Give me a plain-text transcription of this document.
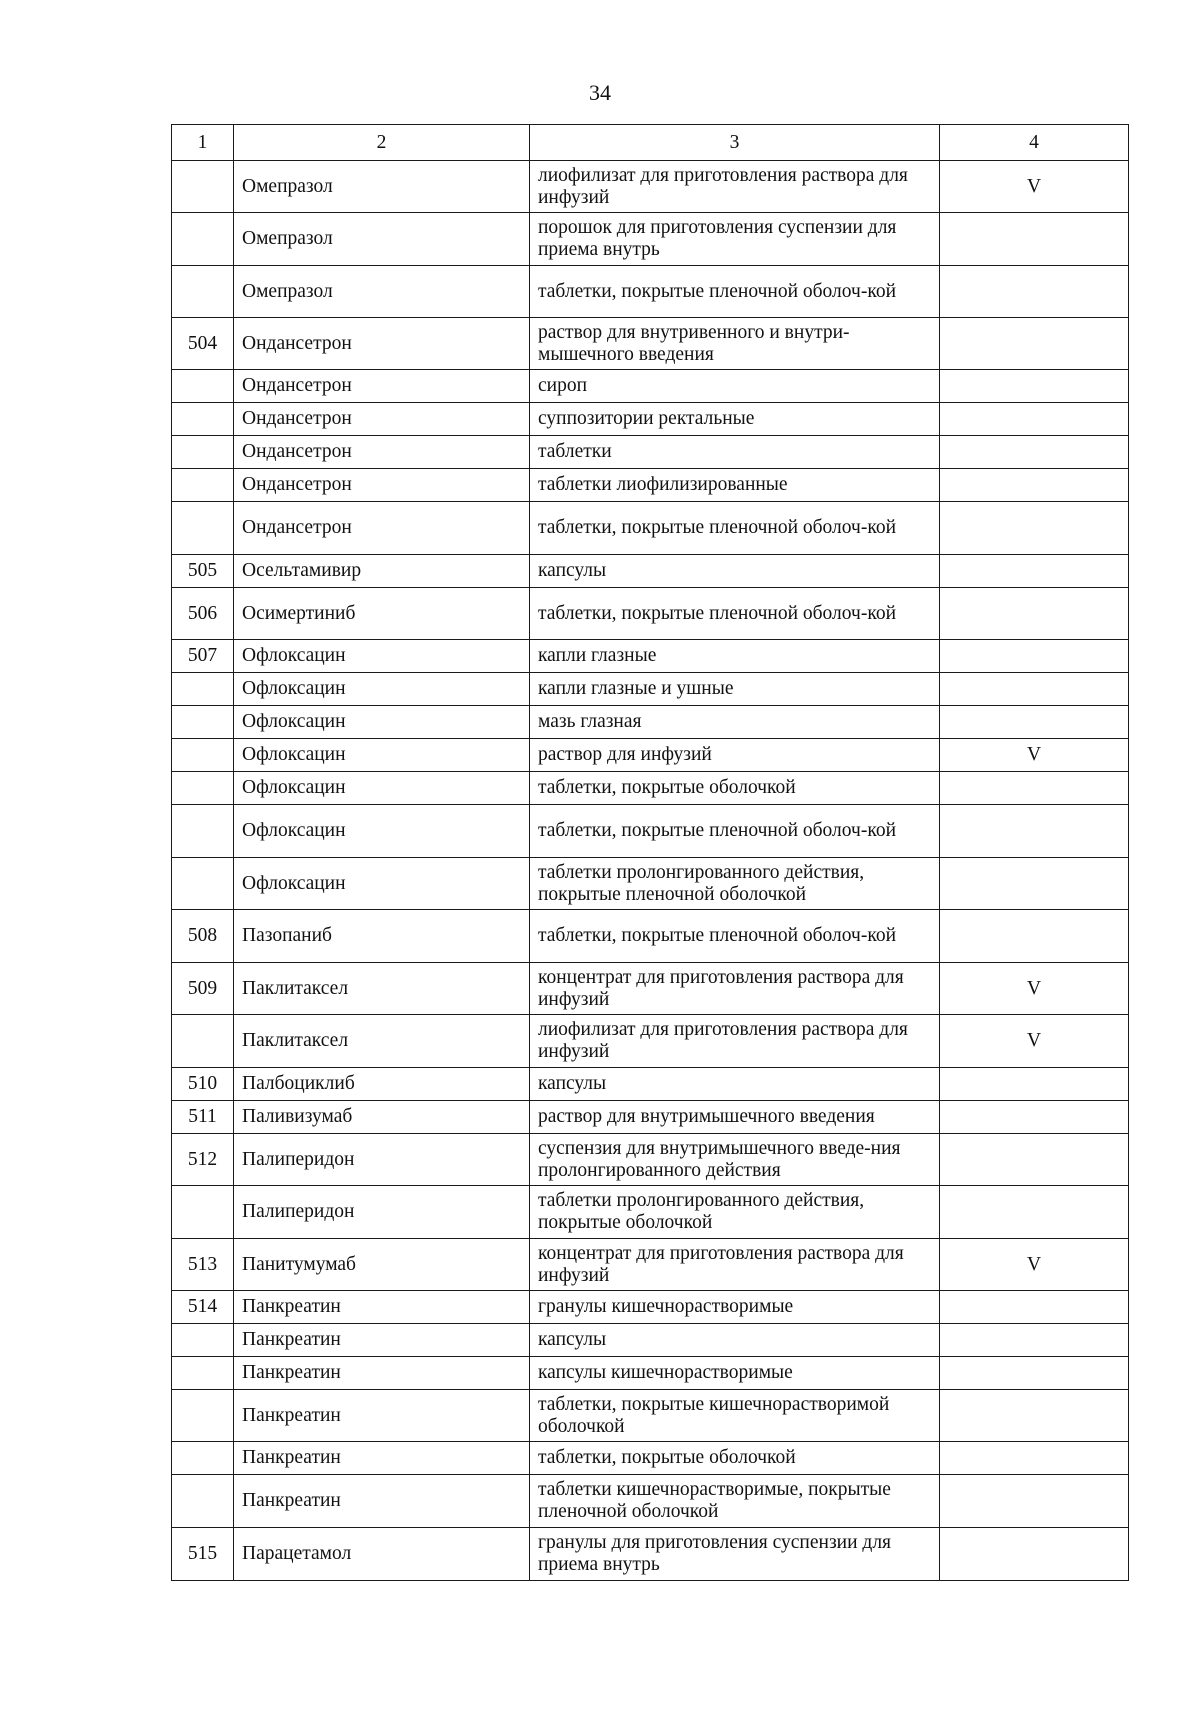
34
1	2	3	4
	Омепразол	лиофилизат для приготовления раствора для инфузий	V
	Омепразол	порошок для приготовления суспензии для приема внутрь	
	Омепразол	таблетки, покрытые пленочной оболоч-кой	
504	Ондансетрон	раствор для внутривенного и внутри-мышечного введения	
	Ондансетрон	сироп	
	Ондансетрон	суппозитории ректальные	
	Ондансетрон	таблетки	
	Ондансетрон	таблетки лиофилизированные	
	Ондансетрон	таблетки, покрытые пленочной оболоч-кой	
505	Осельтамивир	капсулы	
506	Осимертиниб	таблетки, покрытые пленочной оболоч-кой	
507	Офлоксацин	капли глазные	
	Офлоксацин	капли глазные и ушные	
	Офлоксацин	мазь глазная	
	Офлоксацин	раствор для инфузий	V
	Офлоксацин	таблетки, покрытые оболочкой	
	Офлоксацин	таблетки, покрытые пленочной оболоч-кой	
	Офлоксацин	таблетки пролонгированного действия, покрытые пленочной оболочкой	
508	Пазопаниб	таблетки, покрытые пленочной оболоч-кой	
509	Паклитаксел	концентрат для приготовления раствора для инфузий	V
	Паклитаксел	лиофилизат для приготовления раствора для инфузий	V
510	Палбоциклиб	капсулы	
511	Паливизумаб	раствор для внутримышечного введения	
512	Палиперидон	суспензия для внутримышечного введе-ния пролонгированного действия	
	Палиперидон	таблетки пролонгированного действия, покрытые оболочкой	
513	Панитумумаб	концентрат для приготовления раствора для инфузий	V
514	Панкреатин	гранулы кишечнорастворимые	
	Панкреатин	капсулы	
	Панкреатин	капсулы кишечнорастворимые	
	Панкреатин	таблетки, покрытые кишечнорастворимой оболочкой	
	Панкреатин	таблетки, покрытые оболочкой	
	Панкреатин	таблетки кишечнорастворимые, покрытые пленочной оболочкой	
515	Парацетамол	гранулы для приготовления суспензии для приема внутрь	
